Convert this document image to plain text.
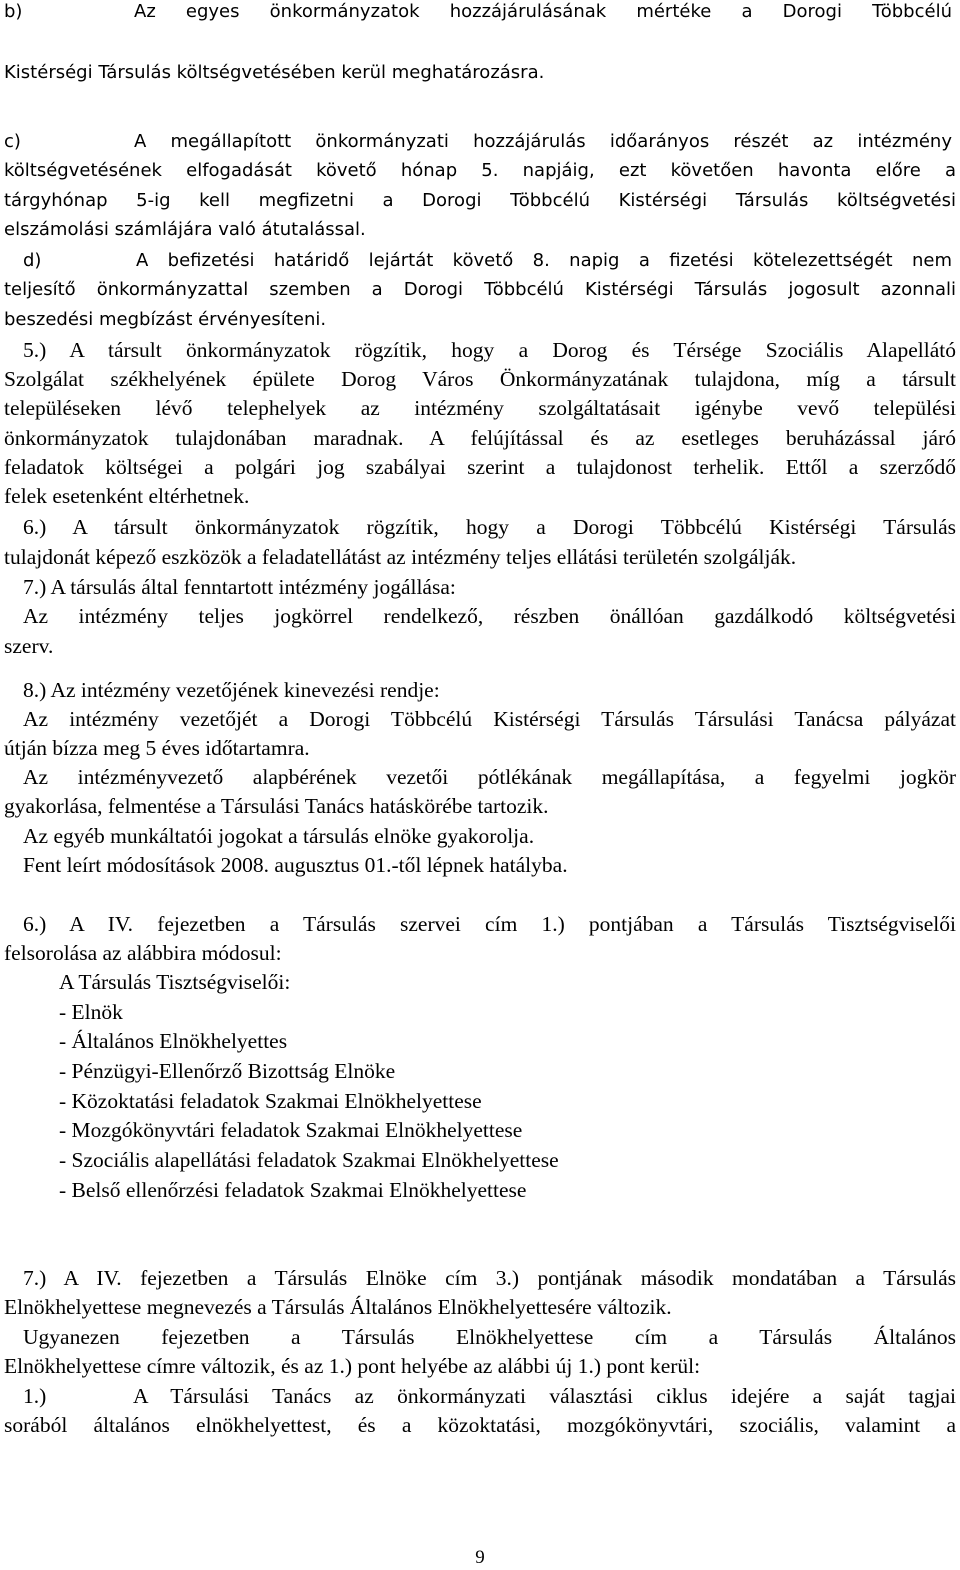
b)	Az egyes önkormányzatok hozzájárulásának mértéke a Dorogi Többcélú
Kistérségi Társulás költségvetésében kerül meghatározásra.
c)	A megállapított önkormányzati hozzájárulás időarányos részét az intézmény
költségvetésének elfogadását követő hónap 5. napjáig, ezt követően havonta előre a
tárgyhónap 5-ig kell megfizetni a Dorogi Többcélú Kistérségi Társulás költségvetési
elszámolási számlájára való átutalással.
d)	A befizetési határidő lejártát követő 8. napig a fizetési kötelezettségét nem
teljesítő önkormányzattal szemben a Dorogi Többcélú Kistérségi Társulás jogosult azonnali
beszedési megbízást érvényesíteni.
5.) A társult önkormányzatok rögzítik, hogy a Dorog és Térsége Szociális Alapellátó
Szolgálat székhelyének épülete Dorog Város Önkormányzatának tulajdona, míg a társult
településeken lévő telephelyek az intézmény szolgáltatásait igénybe vevő települési
önkormányzatok tulajdonában maradnak. A felújítással és az esetleges beruházással járó
feladatok költségei a polgári jog szabályai szerint a tulajdonost terhelik. Ettől a szerződő
felek esetenként eltérhetnek.
6.) A társult önkormányzatok rögzítik, hogy a Dorogi Többcélú Kistérségi Társulás
tulajdonát képező eszközök a feladatellátást az intézmény teljes ellátási területén szolgálják.
7.) A társulás által fenntartott intézmény jogállása:
Az intézmény teljes jogkörrel rendelkező, részben önállóan gazdálkodó költségvetési
szerv.
8.) Az intézmény vezetőjének kinevezési rendje:
Az intézmény vezetőjét a Dorogi Többcélú Kistérségi Társulás Társulási Tanácsa pályázat
útján bízza meg 5 éves időtartamra.
Az intézményvezető alapbérének vezetői pótlékának megállapítása, a fegyelmi jogkör
gyakorlása, felmentése a Társulási Tanács hatáskörébe tartozik.
Az egyéb munkáltatói jogokat a társulás elnöke gyakorolja.
Fent leírt módosítások 2008. augusztus 01.-től lépnek hatályba.
6.) A IV. fejezetben a Társulás szervei cím 1.) pontjában a Társulás Tisztségviselői
felsorolása az alábbira módosul:
A Társulás Tisztségviselői:
- Elnök
- Általános Elnökhelyettes
- Pénzügyi-Ellenőrző Bizottság Elnöke
- Közoktatási feladatok Szakmai Elnökhelyettese
- Mozgókönyvtári feladatok Szakmai Elnökhelyettese
- Szociális alapellátási feladatok Szakmai Elnökhelyettese
- Belső ellenőrzési feladatok Szakmai Elnökhelyettese
7.) A IV. fejezetben a Társulás Elnöke cím 3.) pontjának második mondatában a Társulás
Elnökhelyettese megnevezés a Társulás Általános Elnökhelyettesére változik.
Ugyanezen fejezetben a Társulás Elnökhelyettese cím a Társulás Általános
Elnökhelyettese címre változik, és az 1.) pont helyébe az alábbi új 1.) pont kerül:
1.)	A Társulási Tanács az önkormányzati választási ciklus idejére a saját tagjai
sorából általános elnökhelyettest, és a közoktatási, mozgókönyvtári, szociális, valamint a
9
